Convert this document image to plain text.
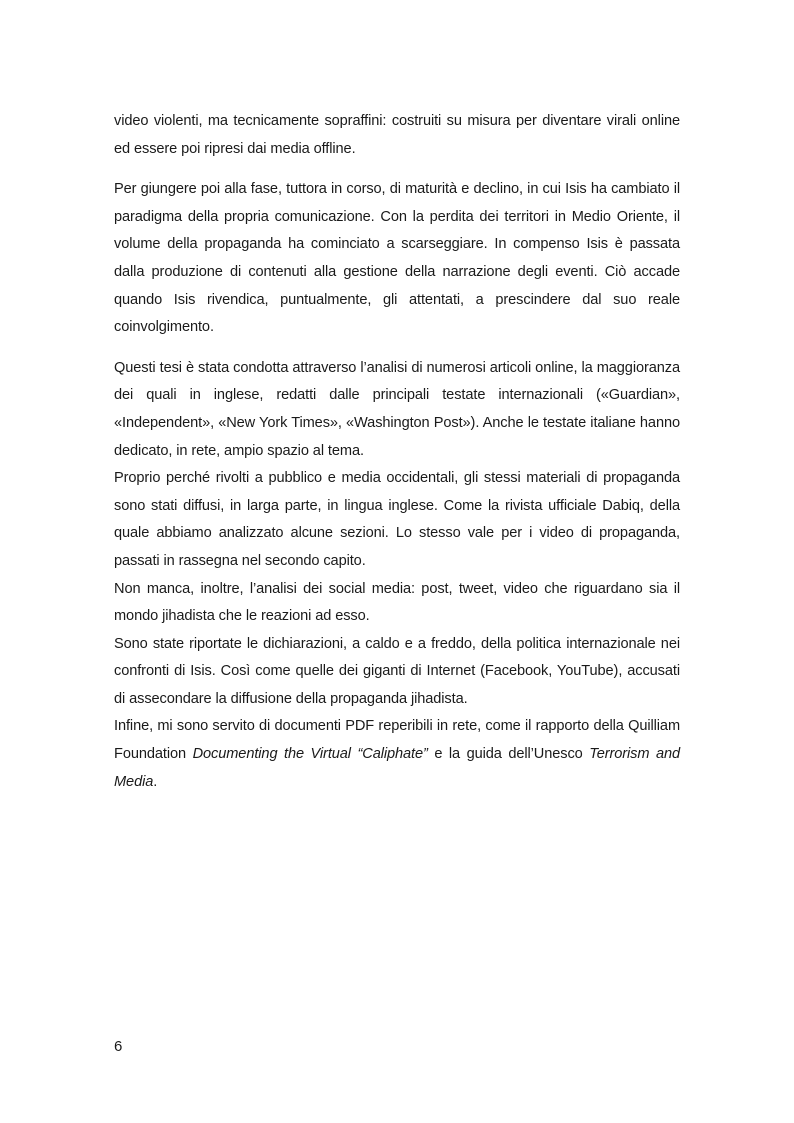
video violenti, ma tecnicamente sopraffini: costruiti su misura per diventare virali online ed essere poi ripresi dai media offline.

Per giungere poi alla fase, tuttora in corso, di maturità e declino, in cui Isis ha cambiato il paradigma della propria comunicazione. Con la perdita dei territori in Medio Oriente, il volume della propaganda ha cominciato a scarseggiare. In compenso Isis è passata dalla produzione di contenuti alla gestione della narrazione degli eventi. Ciò accade quando Isis rivendica, puntualmente, gli attentati, a prescindere dal suo reale coinvolgimento.

Questi tesi è stata condotta attraverso l’analisi di numerosi articoli online, la maggioranza dei quali in inglese, redatti dalle principali testate internazionali («Guardian», «Independent», «New York Times», «Washington Post»). Anche le testate italiane hanno dedicato, in rete, ampio spazio al tema.

Proprio perché rivolti a pubblico e media occidentali, gli stessi materiali di propaganda sono stati diffusi, in larga parte, in lingua inglese. Come la rivista ufficiale Dabiq, della quale abbiamo analizzato alcune sezioni. Lo stesso vale per i video di propaganda, passati in rassegna nel secondo capito.

Non manca, inoltre, l’analisi dei social media: post, tweet, video che riguardano sia il mondo jihadista che le reazioni ad esso.

Sono state riportate le dichiarazioni, a caldo e a freddo, della politica internazionale nei confronti di Isis. Così come quelle dei giganti di Internet (Facebook, YouTube), accusati di assecondare la diffusione della propaganda jihadista.

Infine, mi sono servito di documenti PDF reperibili in rete, come il rapporto della Quilliam Foundation Documenting the Virtual “Caliphate” e la guida dell’Unesco Terrorism and Media.

6
